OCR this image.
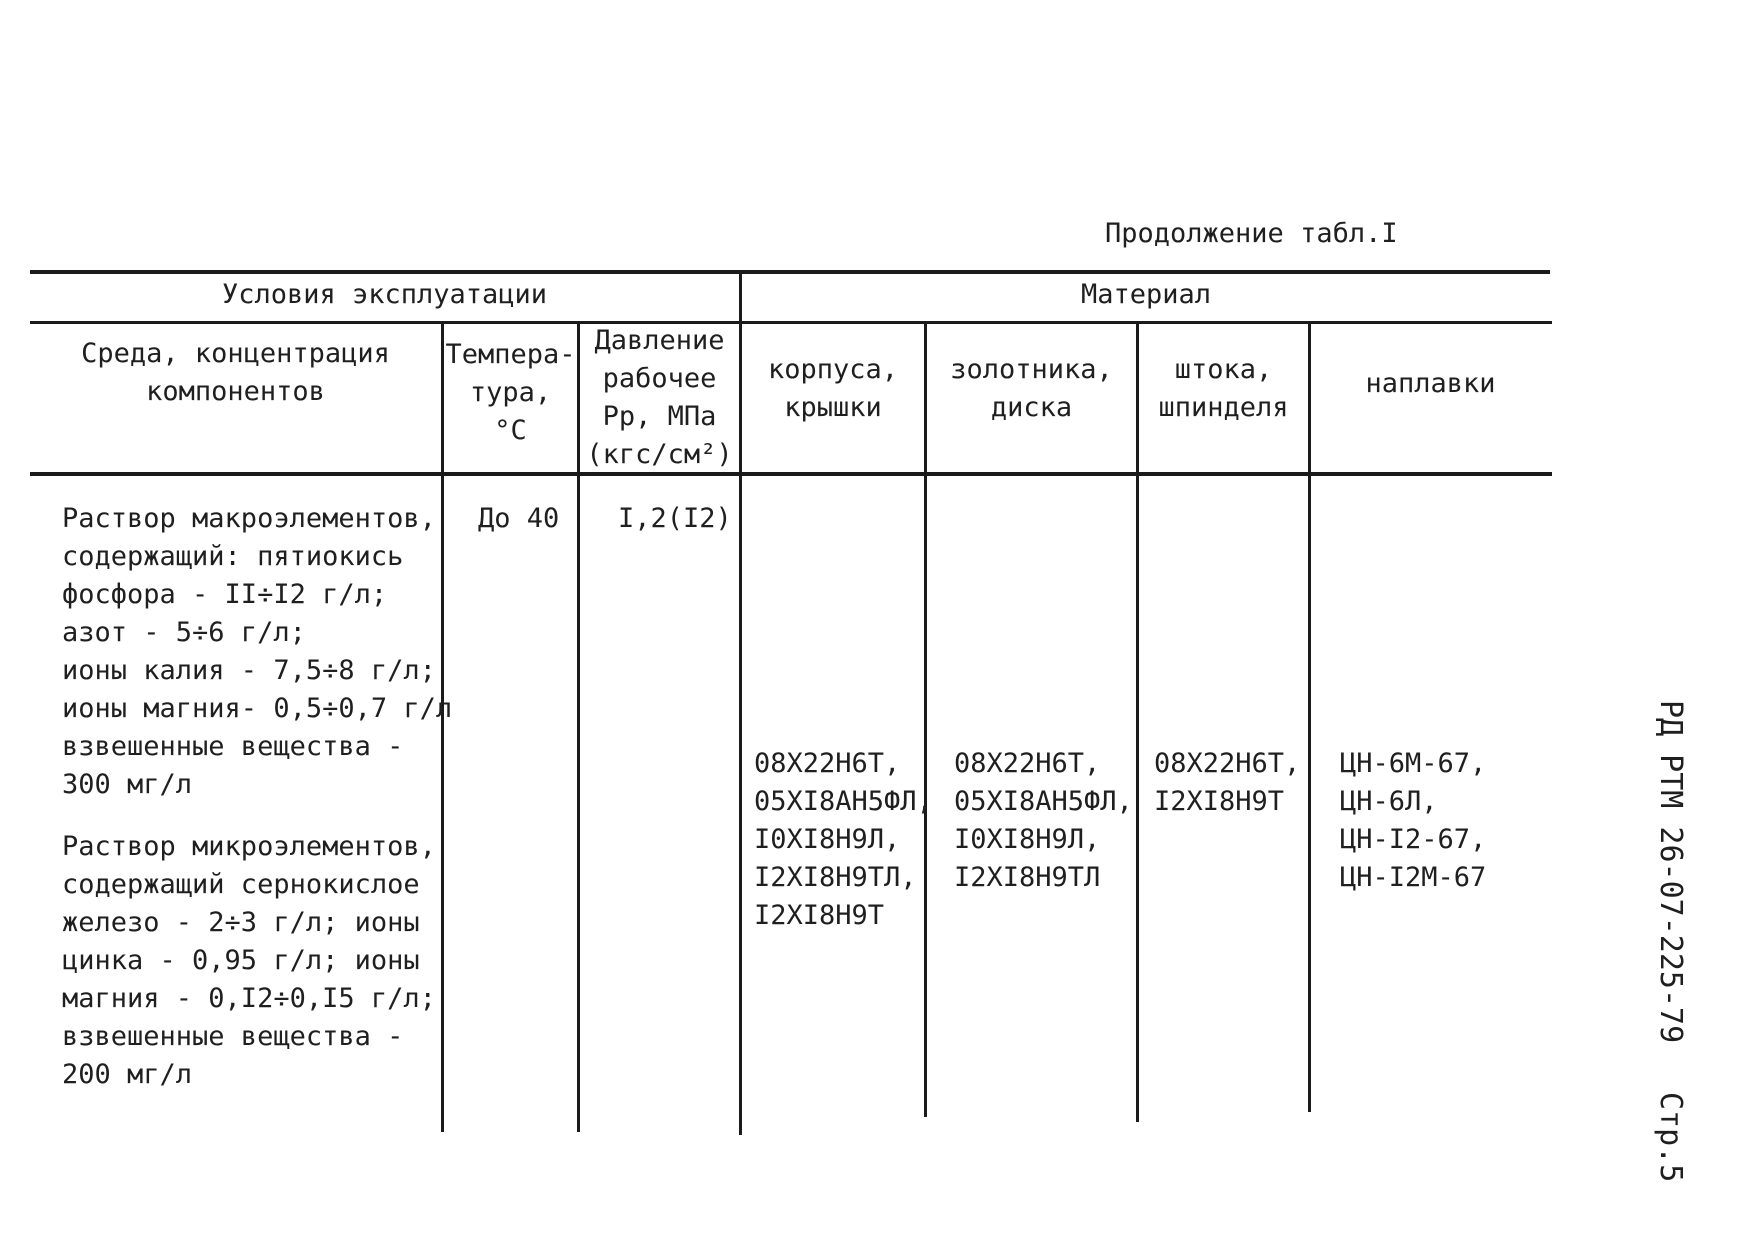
Продолжение табл.I
Условия эксплуатации	Материал
Среда, концентрация
компонентов
Темпера-
тура,
°С
Давление
рабочее
Рр, МПа
(кгс/см²)
корпуса,
крышки
золотника,
диска
штока,
шпинделя
наплавки
Раствор макроэлементов,
содержащий: пятиокись
фосфора - II÷I2 г/л;
азот - 5÷6 г/л;
ионы калия - 7,5÷8 г/л;
ионы магния- 0,5÷0,7 г/л
взвешенные вещества -
300 мг/л
Раствор микроэлементов,
содержащий сернокислое
железо - 2÷3 г/л; ионы
цинка - 0,95 г/л; ионы
магния - 0,I2÷0,I5 г/л;
взвешенные вещества -
200 мг/л
До 40 I,2(I2)
08Х22Н6Т,
05ХI8АН5ФЛ,
I0ХI8Н9Л,
I2ХI8Н9ТЛ,
I2ХI8Н9Т
08Х22Н6Т,
05ХI8АН5ФЛ,
I0ХI8Н9Л,
I2ХI8Н9ТЛ
08Х22Н6Т,
I2ХI8Н9Т
ЦН-6М-67,
ЦН-6Л,
ЦН-I2-67,
ЦН-I2М-67	РД РТМ 26-07-225-79
Стр.5
